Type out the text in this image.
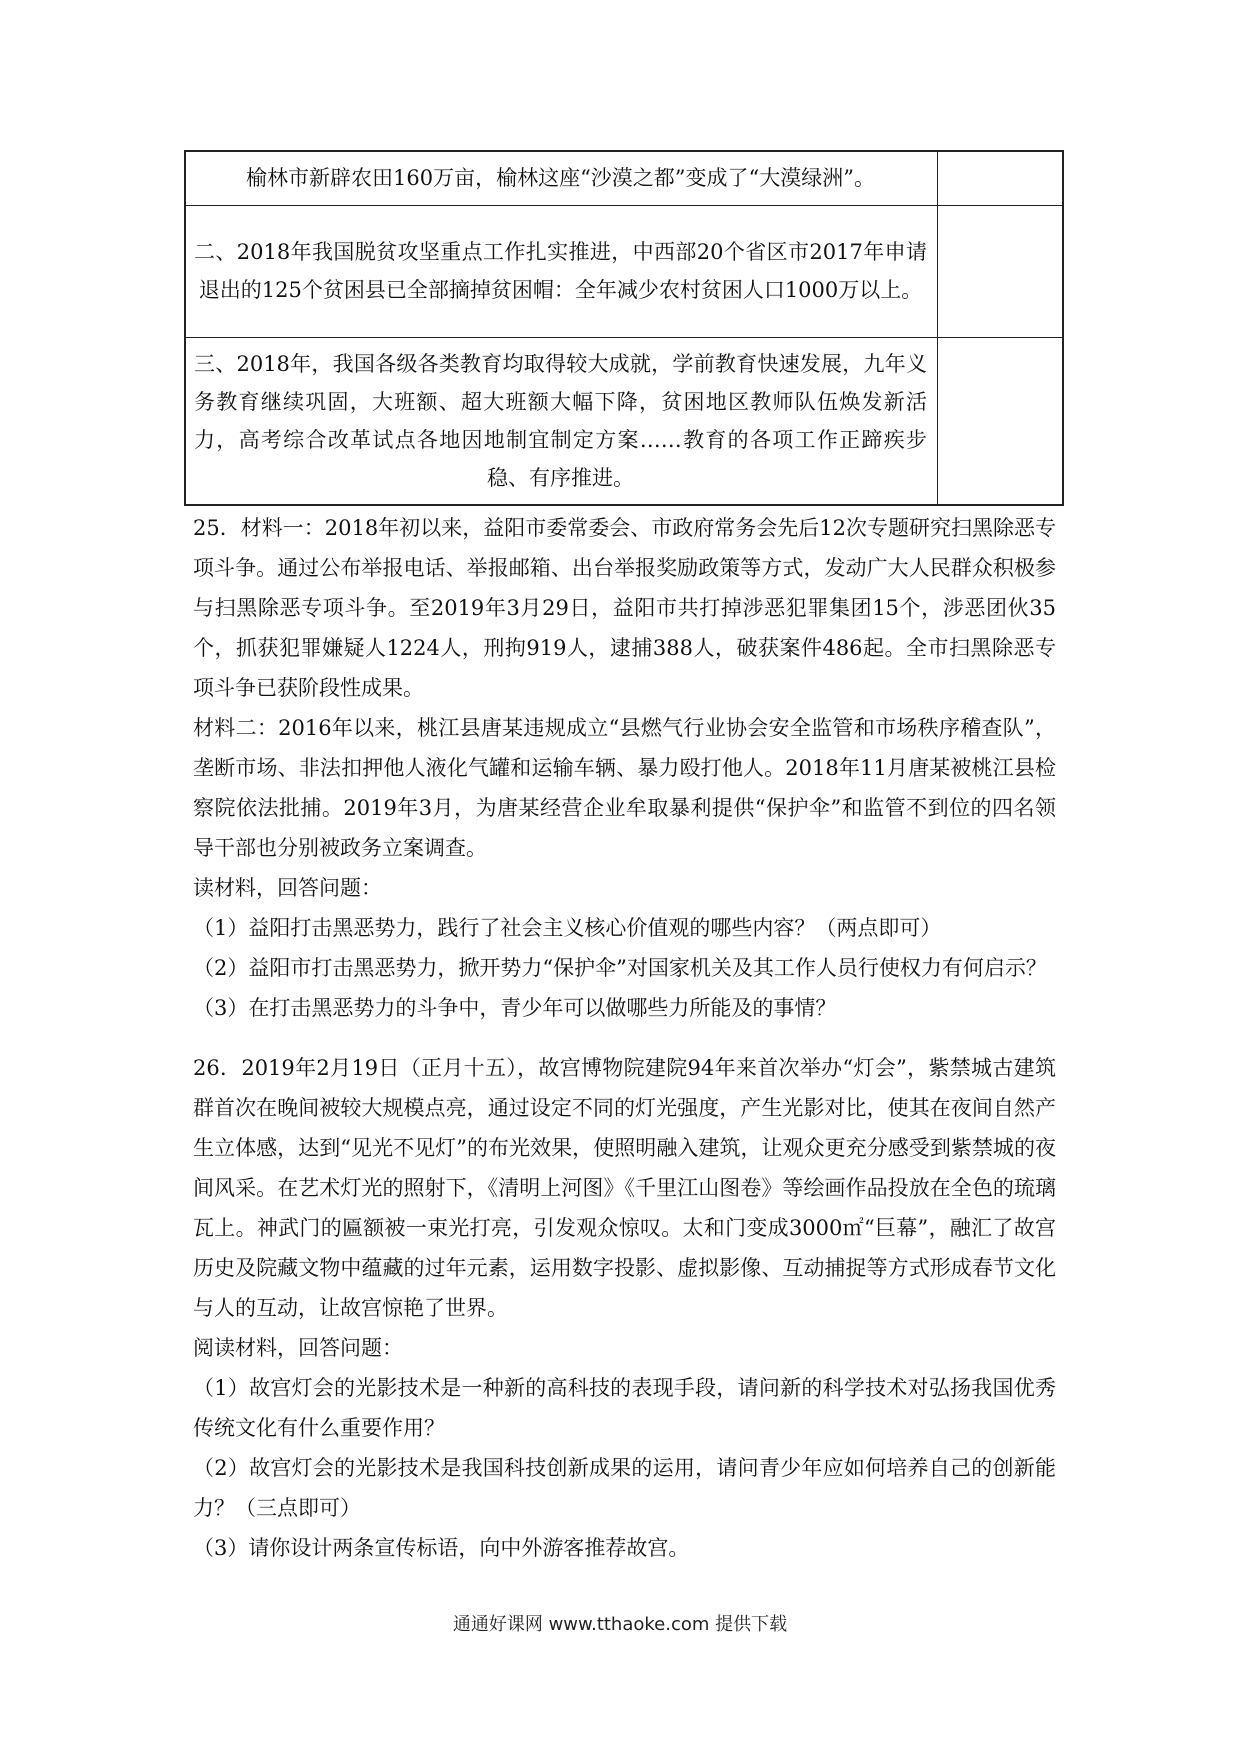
榆林市新辟农田160万亩，榆林这座“沙漠之都”变成了“大漠绿洲”。	
二、2018年我国脱贫攻坚重点工作扎实推进，中西部20个省区市2017年申请退出的125个贫困县已全部摘掉贫困帽：全年减少农村贫困人口1000万以上。	
三、2018年，我国各级各类教育均取得较大成就，学前教育快速发展，九年义务教育继续巩固，大班额、超大班额大幅下降，贫困地区教师队伍焕发新活力，高考综合改革试点各地因地制宜制定方案……教育的各项工作正蹄疾步稳、有序推进。	

25．材料一：2018年初以来，益阳市委常委会、市政府常务会先后12次专题研究扫黑除恶专项斗争。通过公布举报电话、举报邮箱、出台举报奖励政策等方式，发动广大人民群众积极参与扫黑除恶专项斗争。至2019年3月29日，益阳市共打掉涉恶犯罪集团15个，涉恶团伙35个，抓获犯罪嫌疑人1224人，刑拘919人，逮捕388人，破获案件486起。全市扫黑除恶专项斗争已获阶段性成果。

材料二：2016年以来，桃江县唐某违规成立“县燃气行业协会安全监管和市场秩序稽查队”，垄断市场、非法扣押他人液化气罐和运输车辆、暴力殴打他人。2018年11月唐某被桃江县检察院依法批捕。2019年3月，为唐某经营企业牟取暴利提供“保护伞”和监管不到位的四名领导干部也分别被政务立案调查。

读材料，回答问题：

（1）益阳打击黑恶势力，践行了社会主义核心价值观的哪些内容？（两点即可）

（2）益阳市打击黑恶势力，掀开势力“保护伞”对国家机关及其工作人员行使权力有何启示？

（3）在打击黑恶势力的斗争中，青少年可以做哪些力所能及的事情？

26．2019年2月19日（正月十五），故宫博物院建院94年来首次举办“灯会”，紫禁城古建筑群首次在晚间被较大规模点亮，通过设定不同的灯光强度，产生光影对比，使其在夜间自然产生立体感，达到“见光不见灯”的布光效果，使照明融入建筑，让观众更充分感受到紫禁城的夜间风采。在艺术灯光的照射下，《清明上河图》《千里江山图卷》等绘画作品投放在全色的琉璃瓦上。神武门的匾额被一束光打亮，引发观众惊叹。太和门变成3000㎡“巨幕”，融汇了故宫历史及院藏文物中蕴藏的过年元素，运用数字投影、虚拟影像、互动捕捉等方式形成春节文化与人的互动，让故宫惊艳了世界。

阅读材料，回答问题：

（1）故宫灯会的光影技术是一种新的高科技的表现手段，请问新的科学技术对弘扬我国优秀传统文化有什么重要作用？

（2）故宫灯会的光影技术是我国科技创新成果的运用，请问青少年应如何培养自己的创新能力？（三点即可）

（3）请你设计两条宣传标语，向中外游客推荐故宫。

通通好课网 www.tthaoke.com 提供下载
